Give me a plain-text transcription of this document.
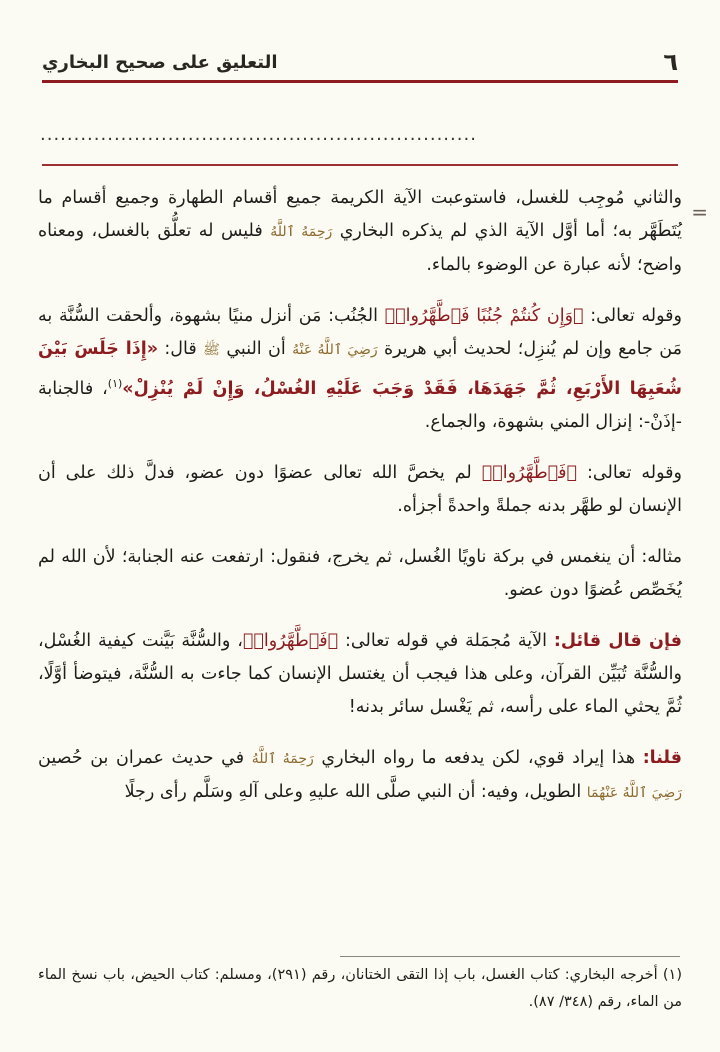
٦
التعليق على صحيح البخاري
.................................................................
=

والثاني مُوجِب للغسل، فاستوعبت الآية الكريمة جميع أقسام الطهارة وجميع أقسام ما يُتَطَهَّر به؛ أما أوَّل الآية الذي لم يذكره البخاري رَحِمَهُ ٱللَّهُ فليس له تعلُّق بالغسل، ومعناه واضح؛ لأنه عبارة عن الوضوء بالماء.

وقوله تعالى: ﴿وَإِن كُنتُمْ جُنُبًا فَٱطَّهَّرُوا۟﴾ الجُنُب: مَن أنزل منيًا بشهوة، وألحقت السُّنَّة به مَن جامع وإن لم يُنزِل؛ لحديث أبي هريرة رَضِيَ ٱللَّهُ عَنْهُ أن النبي ﷺ قال: «إِذَا جَلَسَ بَيْنَ شُعَبِهَا الأَرْبَعِ، ثُمَّ جَهَدَهَا، فَقَدْ وَجَبَ عَلَيْهِ الغُسْلُ، وَإِنْ لَمْ يُنْزِلْ»$^{(١)}$، فالجنابة -إذَنْ-: إنزال المني بشهوة، والجماع.

وقوله تعالى: ﴿فَٱطَّهَّرُوا۟﴾ لم يخصَّ الله تعالى عضوًا دون عضو، فدلَّ ذلك على أن الإنسان لو طهَّر بدنه جملةً واحدةً أجزأه.

مثاله: أن ينغمس في بركة ناويًا الغُسل، ثم يخرج، فنقول: ارتفعت عنه الجنابة؛ لأن الله لم يُخَصِّص عُضوًا دون عضو.

فإن قال قائل: الآية مُجمَلة في قوله تعالى: ﴿فَٱطَّهَّرُوا۟﴾، والسُّنَّة بَيَّنت كيفية الغُسْل، والسُّنَّة تُبَيِّن القرآن، وعلى هذا فيجب أن يغتسل الإنسان كما جاءت به السُّنَّة، فيتوضأ أوَّلًا، ثُمَّ يحثي الماء على رأسه، ثم يَغْسل سائر بدنه!

قلنا: هذا إيراد قوي، لكن يدفعه ما رواه البخاري رَحِمَهُ ٱللَّهُ في حديث عمران بن حُصين رَضِيَ ٱللَّهُ عَنْهُمَا الطويل، وفيه: أن النبي صلَّى الله عليهِ وعلى آلهِ وسَلَّم رأى رجلًا

(١) أخرجه البخاري: كتاب الغسل، باب إذا التقى الختانان، رقم (٢٩١)، ومسلم: كتاب الحيض، باب نسخ الماء من الماء، رقم (٣٤٨/ ٨٧).
